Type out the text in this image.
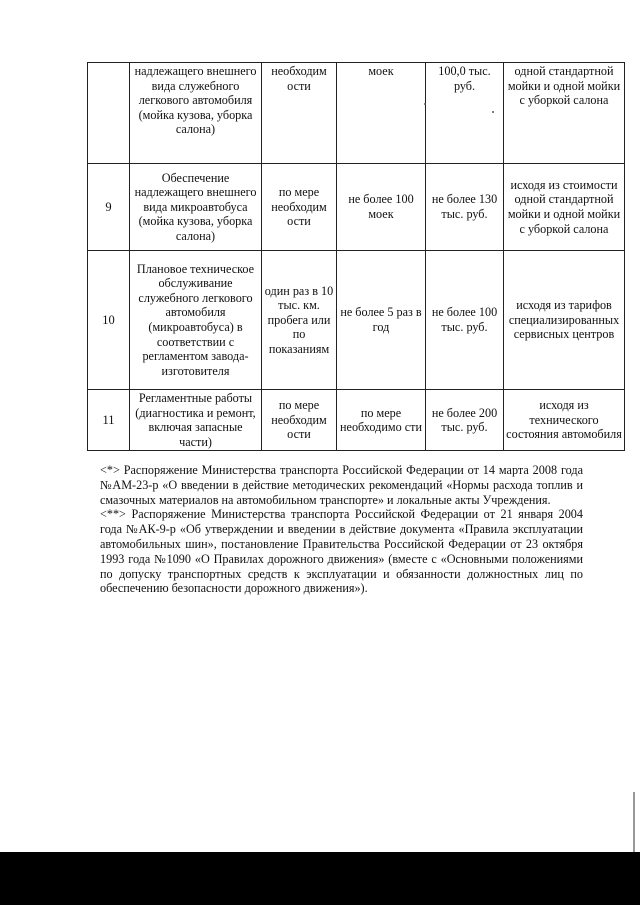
	надлежащего внешнего вида служебного легкового автомобиля (мойка кузова, уборка салона)	необходим ости	моек	100,0 тыс. руб.	одной стандартной мойки и одной мойки с уборкой салона
9	Обеспечение надлежащего внешнего вида микроавтобуса (мойка кузова, уборка салона)	по мере необходим ости	не более 100 моек	не более 130 тыс. руб.	исходя из стоимости одной стандартной мойки и одной мойки с уборкой салона
10	Плановое техническое обслуживание служебного легкового автомобиля (микроавтобуса) в соответствии с регламентом завода-изготовителя	один раз в 10 тыс. км. пробега или по показаниям	не более 5 раз в год	не более 100 тыс. руб.	исходя из тарифов специализированных сервисных центров
11	Регламентные работы (диагностика и ремонт, включая запасные части)	по мере необходим ости	по мере необходимо сти	не более 200 тыс. руб.	исходя из технического состояния автомобиля

<*> Распоряжение Министерства транспорта Российской Федерации от 14 марта 2008 года №АМ-23-р «О введении в действие методических рекомендаций «Нормы расхода топлив и смазочных материалов на автомобильном транспорте» и локальные акты Учреждения.

<**> Распоряжение Министерства транспорта Российской Федерации от 21 января 2004 года №АК-9-р «Об утверждении и введении в действие документа «Правила эксплуатации автомобильных шин», постановление Правительства Российской Федерации от 23 октября 1993 года №1090 «О Правилах дорожного движения» (вместе с «Основными положениями по допуску транспортных средств к эксплуатации и обязанности должностных лиц по обеспечению безопасности дорожного движения»).
